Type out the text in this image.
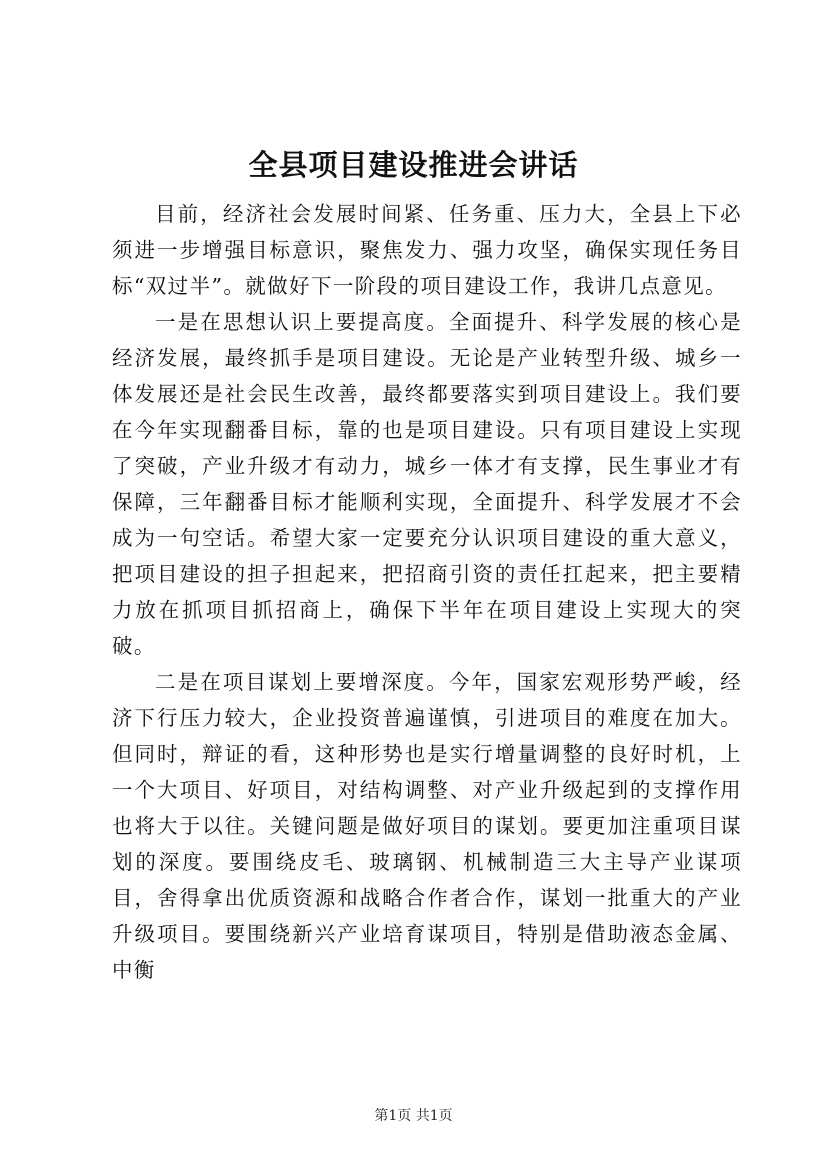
全县项目建设推进会讲话

目前，经济社会发展时间紧、任务重、压力大，全县上下必须进一步增强目标意识，聚焦发力、强力攻坚，确保实现任务目标“双过半”。就做好下一阶段的项目建设工作，我讲几点意见。

一是在思想认识上要提高度。全面提升、科学发展的核心是经济发展，最终抓手是项目建设。无论是产业转型升级、城乡一体发展还是社会民生改善，最终都要落实到项目建设上。我们要在今年实现翻番目标，靠的也是项目建设。只有项目建设上实现了突破，产业升级才有动力，城乡一体才有支撑，民生事业才有保障，三年翻番目标才能顺利实现，全面提升、科学发展才不会成为一句空话。希望大家一定要充分认识项目建设的重大意义，把项目建设的担子担起来，把招商引资的责任扛起来，把主要精力放在抓项目抓招商上，确保下半年在项目建设上实现大的突破。

二是在项目谋划上要增深度。今年，国家宏观形势严峻，经济下行压力较大，企业投资普遍谨慎，引进项目的难度在加大。但同时，辩证的看，这种形势也是实行增量调整的良好时机，上一个大项目、好项目，对结构调整、对产业升级起到的支撑作用也将大于以往。关键问题是做好项目的谋划。要更加注重项目谋划的深度。要围绕皮毛、玻璃钢、机械制造三大主导产业谋项目，舍得拿出优质资源和战略合作者合作，谋划一批重大的产业升级项目。要围绕新兴产业培育谋项目，特别是借助液态金属、中衡

第1页 共1页
